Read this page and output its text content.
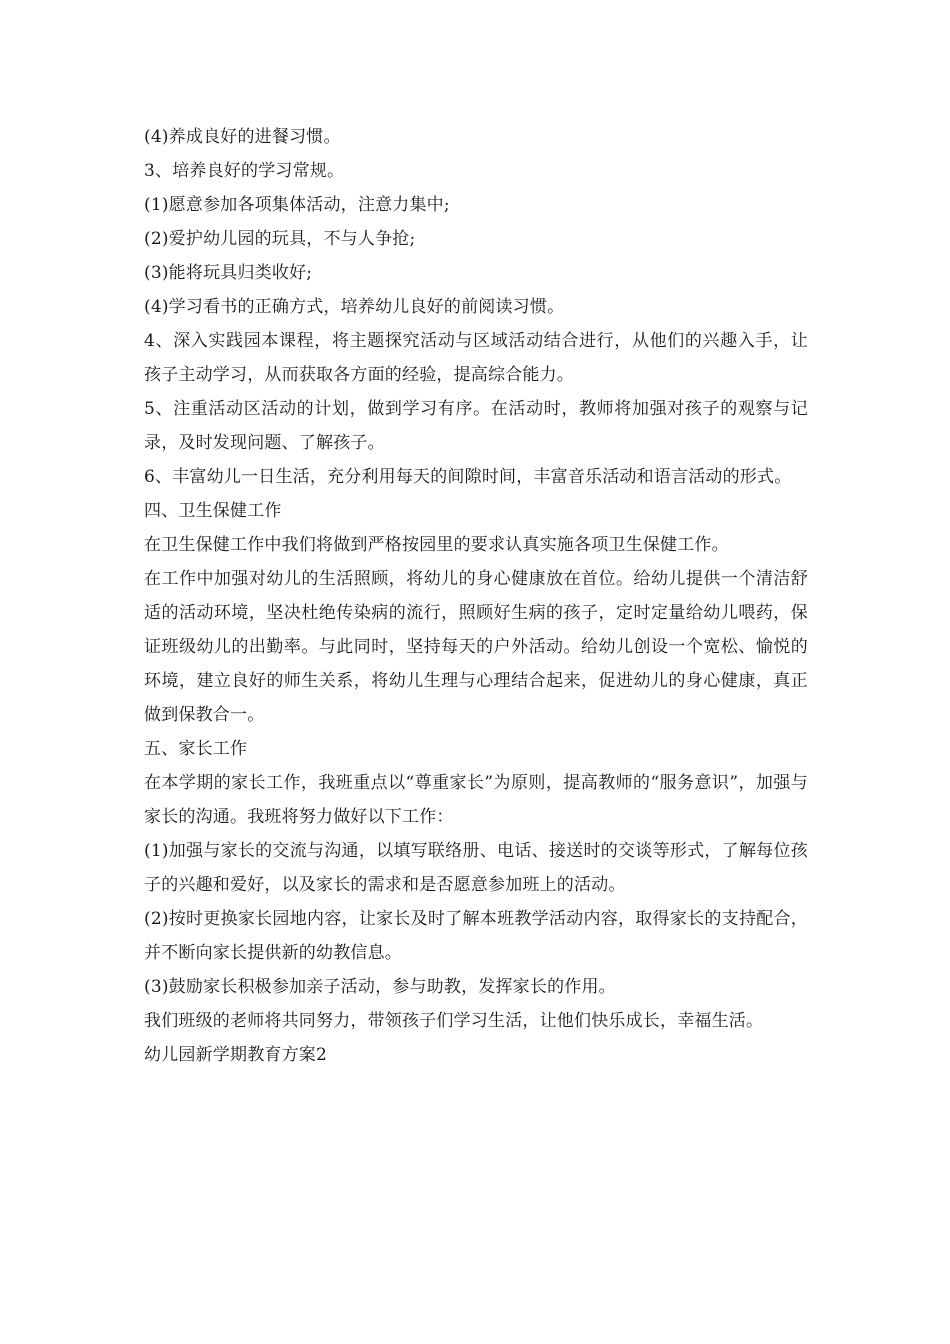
(4)养成良好的进餐习惯。

3、培养良好的学习常规。

(1)愿意参加各项集体活动，注意力集中;

(2)爱护幼儿园的玩具，不与人争抢;

(3)能将玩具归类收好;

(4)学习看书的正确方式，培养幼儿良好的前阅读习惯。

4、深入实践园本课程，将主题探究活动与区域活动结合进行，从他们的兴趣入手，让孩子主动学习，从而获取各方面的经验，提高综合能力。

5、注重活动区活动的计划，做到学习有序。在活动时，教师将加强对孩子的观察与记录，及时发现问题、了解孩子。

6、丰富幼儿一日生活，充分利用每天的间隙时间，丰富音乐活动和语言活动的形式。

四、卫生保健工作

在卫生保健工作中我们将做到严格按园里的要求认真实施各项卫生保健工作。

在工作中加强对幼儿的生活照顾，将幼儿的身心健康放在首位。给幼儿提供一个清洁舒适的活动环境，坚决杜绝传染病的流行，照顾好生病的孩子，定时定量给幼儿喂药，保证班级幼儿的出勤率。与此同时，坚持每天的户外活动。给幼儿创设一个宽松、愉悦的环境，建立良好的师生关系，将幼儿生理与心理结合起来，促进幼儿的身心健康，真正做到保教合一。

五、家长工作

在本学期的家长工作，我班重点以“尊重家长”为原则，提高教师的“服务意识”，加强与家长的沟通。我班将努力做好以下工作：

(1)加强与家长的交流与沟通，以填写联络册、电话、接送时的交谈等形式，了解每位孩子的兴趣和爱好，以及家长的需求和是否愿意参加班上的活动。

(2)按时更换家长园地内容，让家长及时了解本班教学活动内容，取得家长的支持配合，并不断向家长提供新的幼教信息。

(3)鼓励家长积极参加亲子活动，参与助教，发挥家长的作用。

我们班级的老师将共同努力，带领孩子们学习生活，让他们快乐成长，幸福生活。

幼儿园新学期教育方案2
